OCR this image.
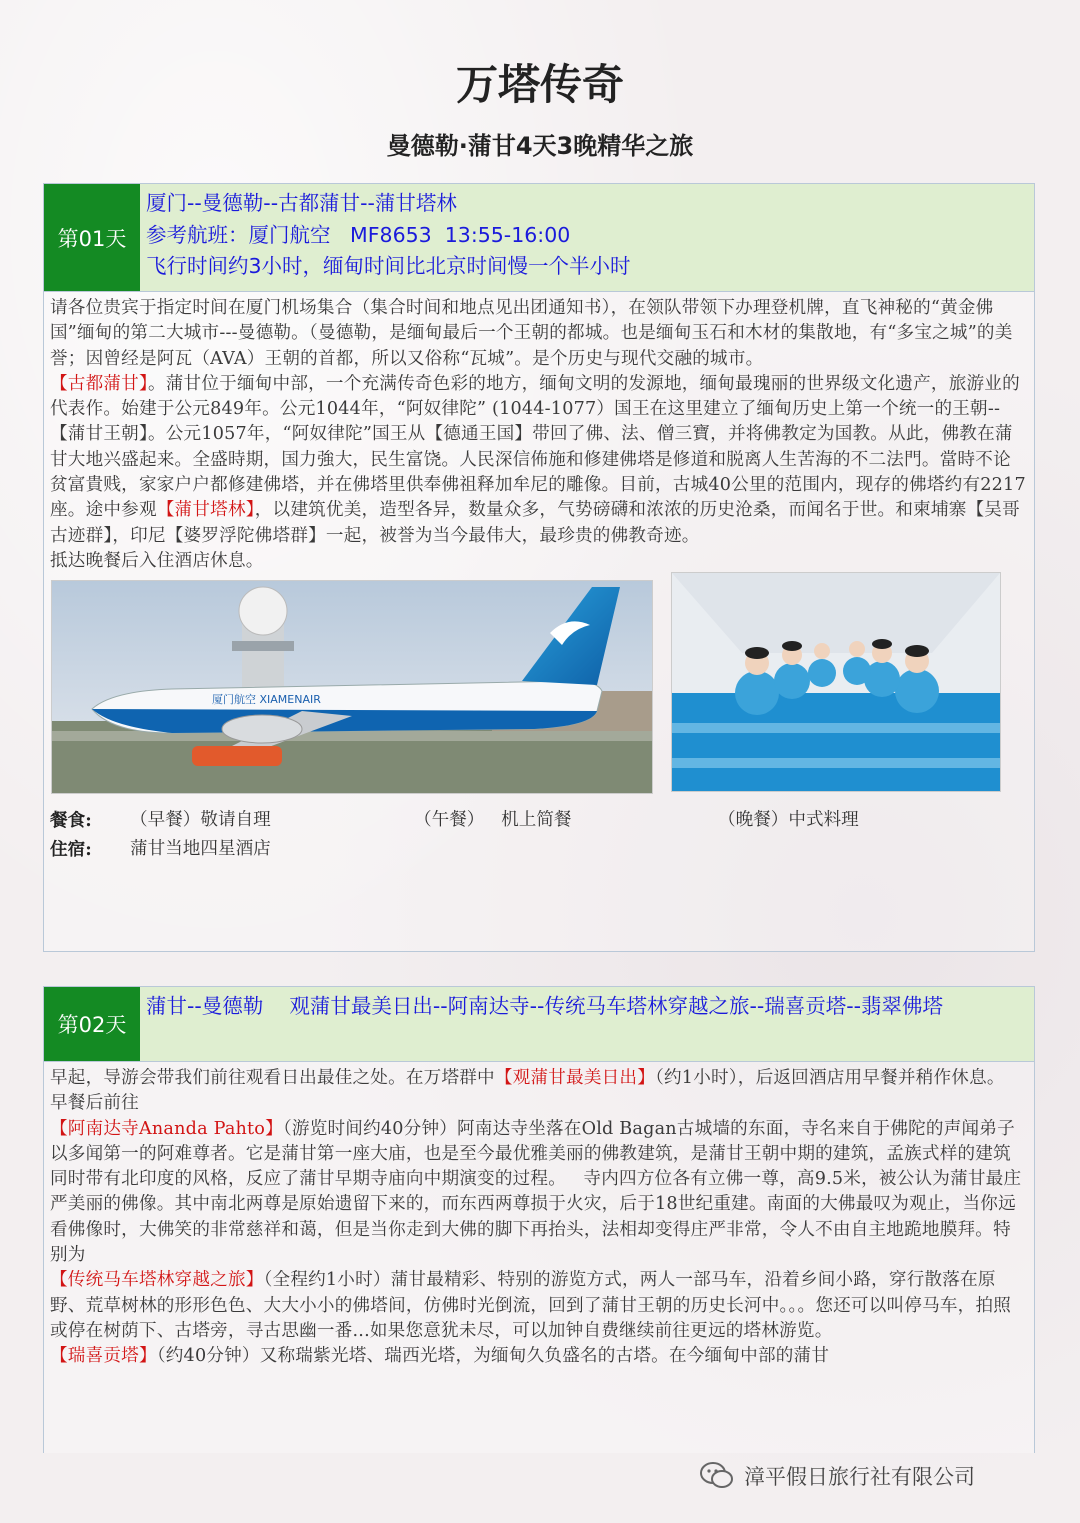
万塔传奇
曼德勒·蒲甘4天3晚精华之旅
第01天
厦门--曼德勒--古都蒲甘--蒲甘塔林
参考航班：厦门航空   MF8653  13:55-16:00
飞行时间约3小时，缅甸时间比北京时间慢一个半小时

请各位贵宾于指定时间在厦门机场集合（集合时间和地点见出团通知书），在领队带领下办理登机牌，直飞神秘的“黄金佛国”缅甸的第二大城市---曼德勒。（曼德勒，是缅甸最后一个王朝的都城。也是缅甸玉石和木材的集散地，有“多宝之城”的美誉；因曾经是阿瓦（AVA）王朝的首都，所以又俗称“瓦城”。是个历史与现代交融的城市。

【古都蒲甘】。蒲甘位于缅甸中部，一个充满传奇色彩的地方，缅甸文明的发源地，缅甸最瑰丽的世界级文化遗产，旅游业的代表作。始建于公元849年。公元1044年，“阿奴律陀” (1044-1077）国王在这里建立了缅甸历史上第一个统一的王朝--【蒲甘王朝】。公元1057年，“阿奴律陀”国王从【德通王国】带回了佛、法、僧三寶，并将佛教定为国教。从此，佛教在蒲甘大地兴盛起来。全盛時期，国力強大，民生富饶。人民深信佈施和修建佛塔是修道和脱离人生苦海的不二法門。當時不论贫富貴贱，家家户户都修建佛塔，并在佛塔里供奉佛祖释加牟尼的雕像。目前，古城40公里的范围内，现存的佛塔约有2217座。途中参观【蒲甘塔林】，以建筑优美，造型各异，数量众多，气势磅礴和浓浓的历史沧桑，而闻名于世。和柬埔寨【吴哥古迹群】，印尼【婆罗浮陀佛塔群】一起，被誉为当今最伟大，最珍贵的佛教奇迹。

抵达晚餐后入住酒店休息。

厦门航空 XIAMENAIR
餐食:	（早餐）敬请自理	（午餐）   机上简餐	（晚餐）中式料理
住宿:	蒲甘当地四星酒店
第02天
蒲甘--曼德勒    观蒲甘最美日出--阿南达寺--传统马车塔林穿越之旅--瑞喜贡塔--翡翠佛塔

早起，导游会带我们前往观看日出最佳之处。在万塔群中【观蒲甘最美日出】（约1小时），后返回酒店用早餐并稍作休息。

早餐后前往

【阿南达寺Ananda Pahto】（游览时间约40分钟）阿南达寺坐落在Old Bagan古城墙的东面，寺名来自于佛陀的声闻弟子以多闻第一的阿难尊者。它是蒲甘第一座大庙，也是至今最优雅美丽的佛教建筑，是蒲甘王朝中期的建筑，孟族式样的建筑同时带有北印度的风格，反应了蒲甘早期寺庙向中期演变的过程。   寺内四方位各有立佛一尊，高9.5米，被公认为蒲甘最庄严美丽的佛像。其中南北两尊是原始遗留下来的，而东西两尊损于火灾，后于18世纪重建。南面的大佛最叹为观止，当你远看佛像时，大佛笑的非常慈祥和蔼，但是当你走到大佛的脚下再抬头，法相却变得庄严非常，令人不由自主地跪地膜拜。特别为

【传统马车塔林穿越之旅】（全程约1小时）蒲甘最精彩、特别的游览方式，两人一部马车，沿着乡间小路，穿行散落在原野、荒草树林的形形色色、大大小小的佛塔间，仿佛时光倒流，回到了蒲甘王朝的历史长河中。。。您还可以叫停马车，拍照或停在树荫下、古塔旁，寻古思幽一番...如果您意犹未尽，可以加钟自费继续前往更远的塔林游览。

【瑞喜贡塔】（约40分钟）又称瑞紫光塔、瑞西光塔，为缅甸久负盛名的古塔。在今缅甸中部的蒲甘

漳平假日旅行社有限公司
